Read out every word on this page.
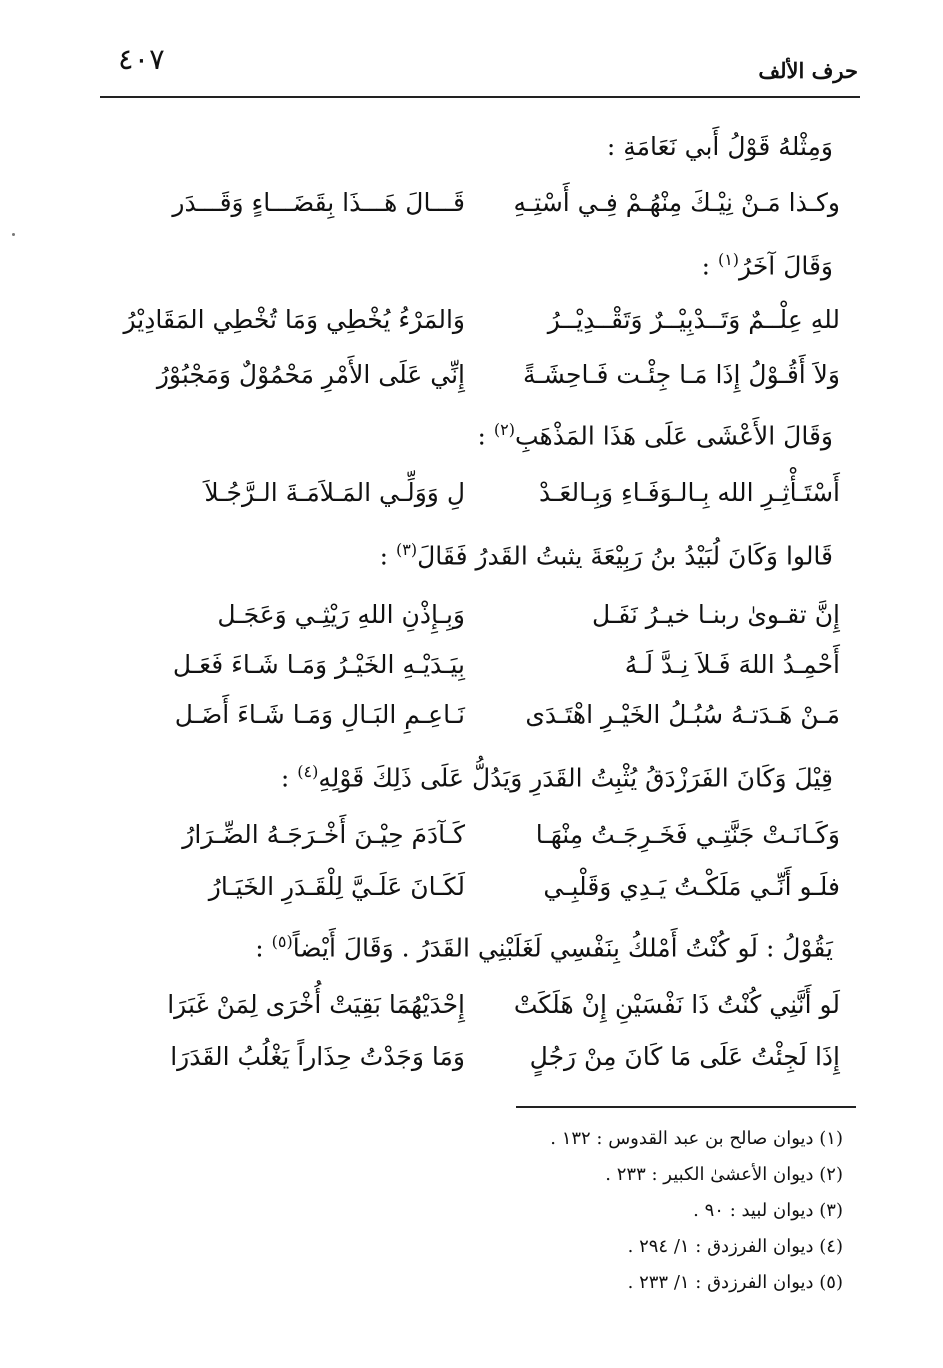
٤٠٧	حرف الألف
وَمِثْلهُ قَوْلُ أَبي نَعَامَةِ :
وكـذا مَـنْ نِيْـكَ مِنْهُـمْ فِـي أَسْتِـهِ
قَـــالَ هَـــذَا بِقَضَـــاءٍ وَقَـــدَر
وَقَالَ آخَرُ$^{(١)}$ :
للهِ عِلْــمٌ وَتَــدْبِيْــرٌ وَتَقْــدِيْــرُ
وَالمَرْءُ يُخْطِي وَمَا تُخْطِي المَقَادِيْرُ
وَلاَ أَقُـوْلُ إِذَا مَـا جِئْـت فَـاحِشَـةً
إِنِّي عَلَى الأَمْرِ مَحْمُوْلٌ وَمَجْبُوْرُ
وَقَالَ الأَعْشَى عَلَى هَذَا المَذْهَبِ$^{(٢)}$ :
أَسْتَـأْثِـرِ الله بِـالـوَفَـاءِ وَبِـالعَـدْ
لِ وَوَلِّـي المَـلاَمَـةَ الـرَّجُـلاَ
قَالوا وَكَانَ لُبَيْدُ بنُ رَبِيْعَةَ يثبتُ القَدرُ فَقَالَ$^{(٣)}$ :
إِنَّ تقـوىٰ ربنـا خيـرُ نَفَـل
وَبِـإِذْنِ اللهِ رَيْثِـي وَعَجَـل
أَحْمِـدُ اللهَ فَـلاَ نِـدَّ لَـهُ
بِيَـدَيْـهِ الخَيْـرُ وَمَـا شَـاءَ فَعَـل
مَـنْ هَـدَتـهُ سُبُـلُ الخَيْـرِ اهْتَـدَى
نَـاعِـمِ البَـالِ وَمَـا شَـاءَ أَضَـل
قِيْلَ وَكَانَ الفَرَزْدَقُ يُثْبِتُ القَدَرِ وَيَدُلُّ عَلَى ذَلِكَ قَوْلِهِ$^{(٤)}$ :
وَكَـانَـتْ جَنَّتِـي فَخَـرِجَـتُ مِنْهَـا
كَـآدَمَ حِيْـنَ أَخْـرَجَـهُ الضِّـرَارُ
فلَـو أَنِّـي مَلَكْـتُ يَـدِي وَقَلْبِـي
لَكَـانَ عَلَـيَّ لِلْقَـدَرِ الخَيَـارُ
يَقُوْلُ : لَو كُنْتُ أَمْلكُ بِنَفْسِي لَغَلَبْنِي القَدَرُ . وَقَالَ أَيْضاً$^{(٥)}$ :
لَو أَنَّنِي كُنْتُ ذَا نَفْسَيْنِ إِنْ هَلَكَتْ
إِحْدَيْهُمَا بَقِيَتْ أُخْرَى لِمَنْ غَبَرَا
إِذَا لَجِئْتُ عَلَى مَا كَانَ مِنْ رَجُلٍ
وَمَا وَجَدْتُ حِذَاراً يَغْلُبُ القَدَرَا
(١) ديوان صالح بن عبد القدوس : ١٣٢ .
(٢) ديوان الأعشىٰ الكبير : ٢٣٣ .
(٣) ديوان لبيد : ٩٠ .
(٤) ديوان الفرزدق : ١/ ٢٩٤ .
(٥) ديوان الفرزدق : ١/ ٢٣٣ .
